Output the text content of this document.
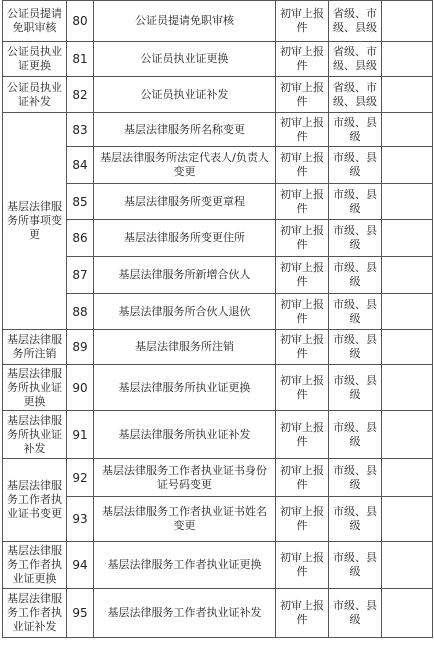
公证员提请免职审核	80	公证员提请免职审核	初审上报件	省级、市级、县级	
公证员执业证更换	81	公证员执业证更换	初审上报件	省级、市级、县级	
公证员执业证补发	82	公证员执业证补发	初审上报件	省级、市级、县级	
基层法律服务所事项变更	83	基层法律服务所名称变更	初审上报件	市级、县级	
	84	基层法律服务所法定代表人/负责人变更	初审上报件	市级、县级	
	85	基层法律服务所变更章程	初审上报件	市级、县级	
	86	基层法律服务所变更住所	初审上报件	市级、县级	
	87	基层法律服务所新增合伙人	初审上报件	市级、县级	
	88	基层法律服务所合伙人退伙	初审上报件	市级、县级	
基层法律服务所注销	89	基层法律服务所注销	初审上报件	市级、县级	
基层法律服务所执业证更换	90	基层法律服务所执业证更换	初审上报件	市级、县级	
基层法律服务所执业证补发	91	基层法律服务所执业证补发	初审上报件	市级、县级	
基层法律服务工作者执业证书变更	92	基层法律服务工作者执业证书身份证号码变更	初审上报件	市级、县级	
	93	基层法律服务工作者执业证书姓名变更	初审上报件	市级、县级	
基层法律服务工作者执业证更换	94	基层法律服务工作者执业证更换	初审上报件	市级、县级	
基层法律服务工作者执业证补发	95	基层法律服务工作者执业证补发	初审上报件	市级、县级	
